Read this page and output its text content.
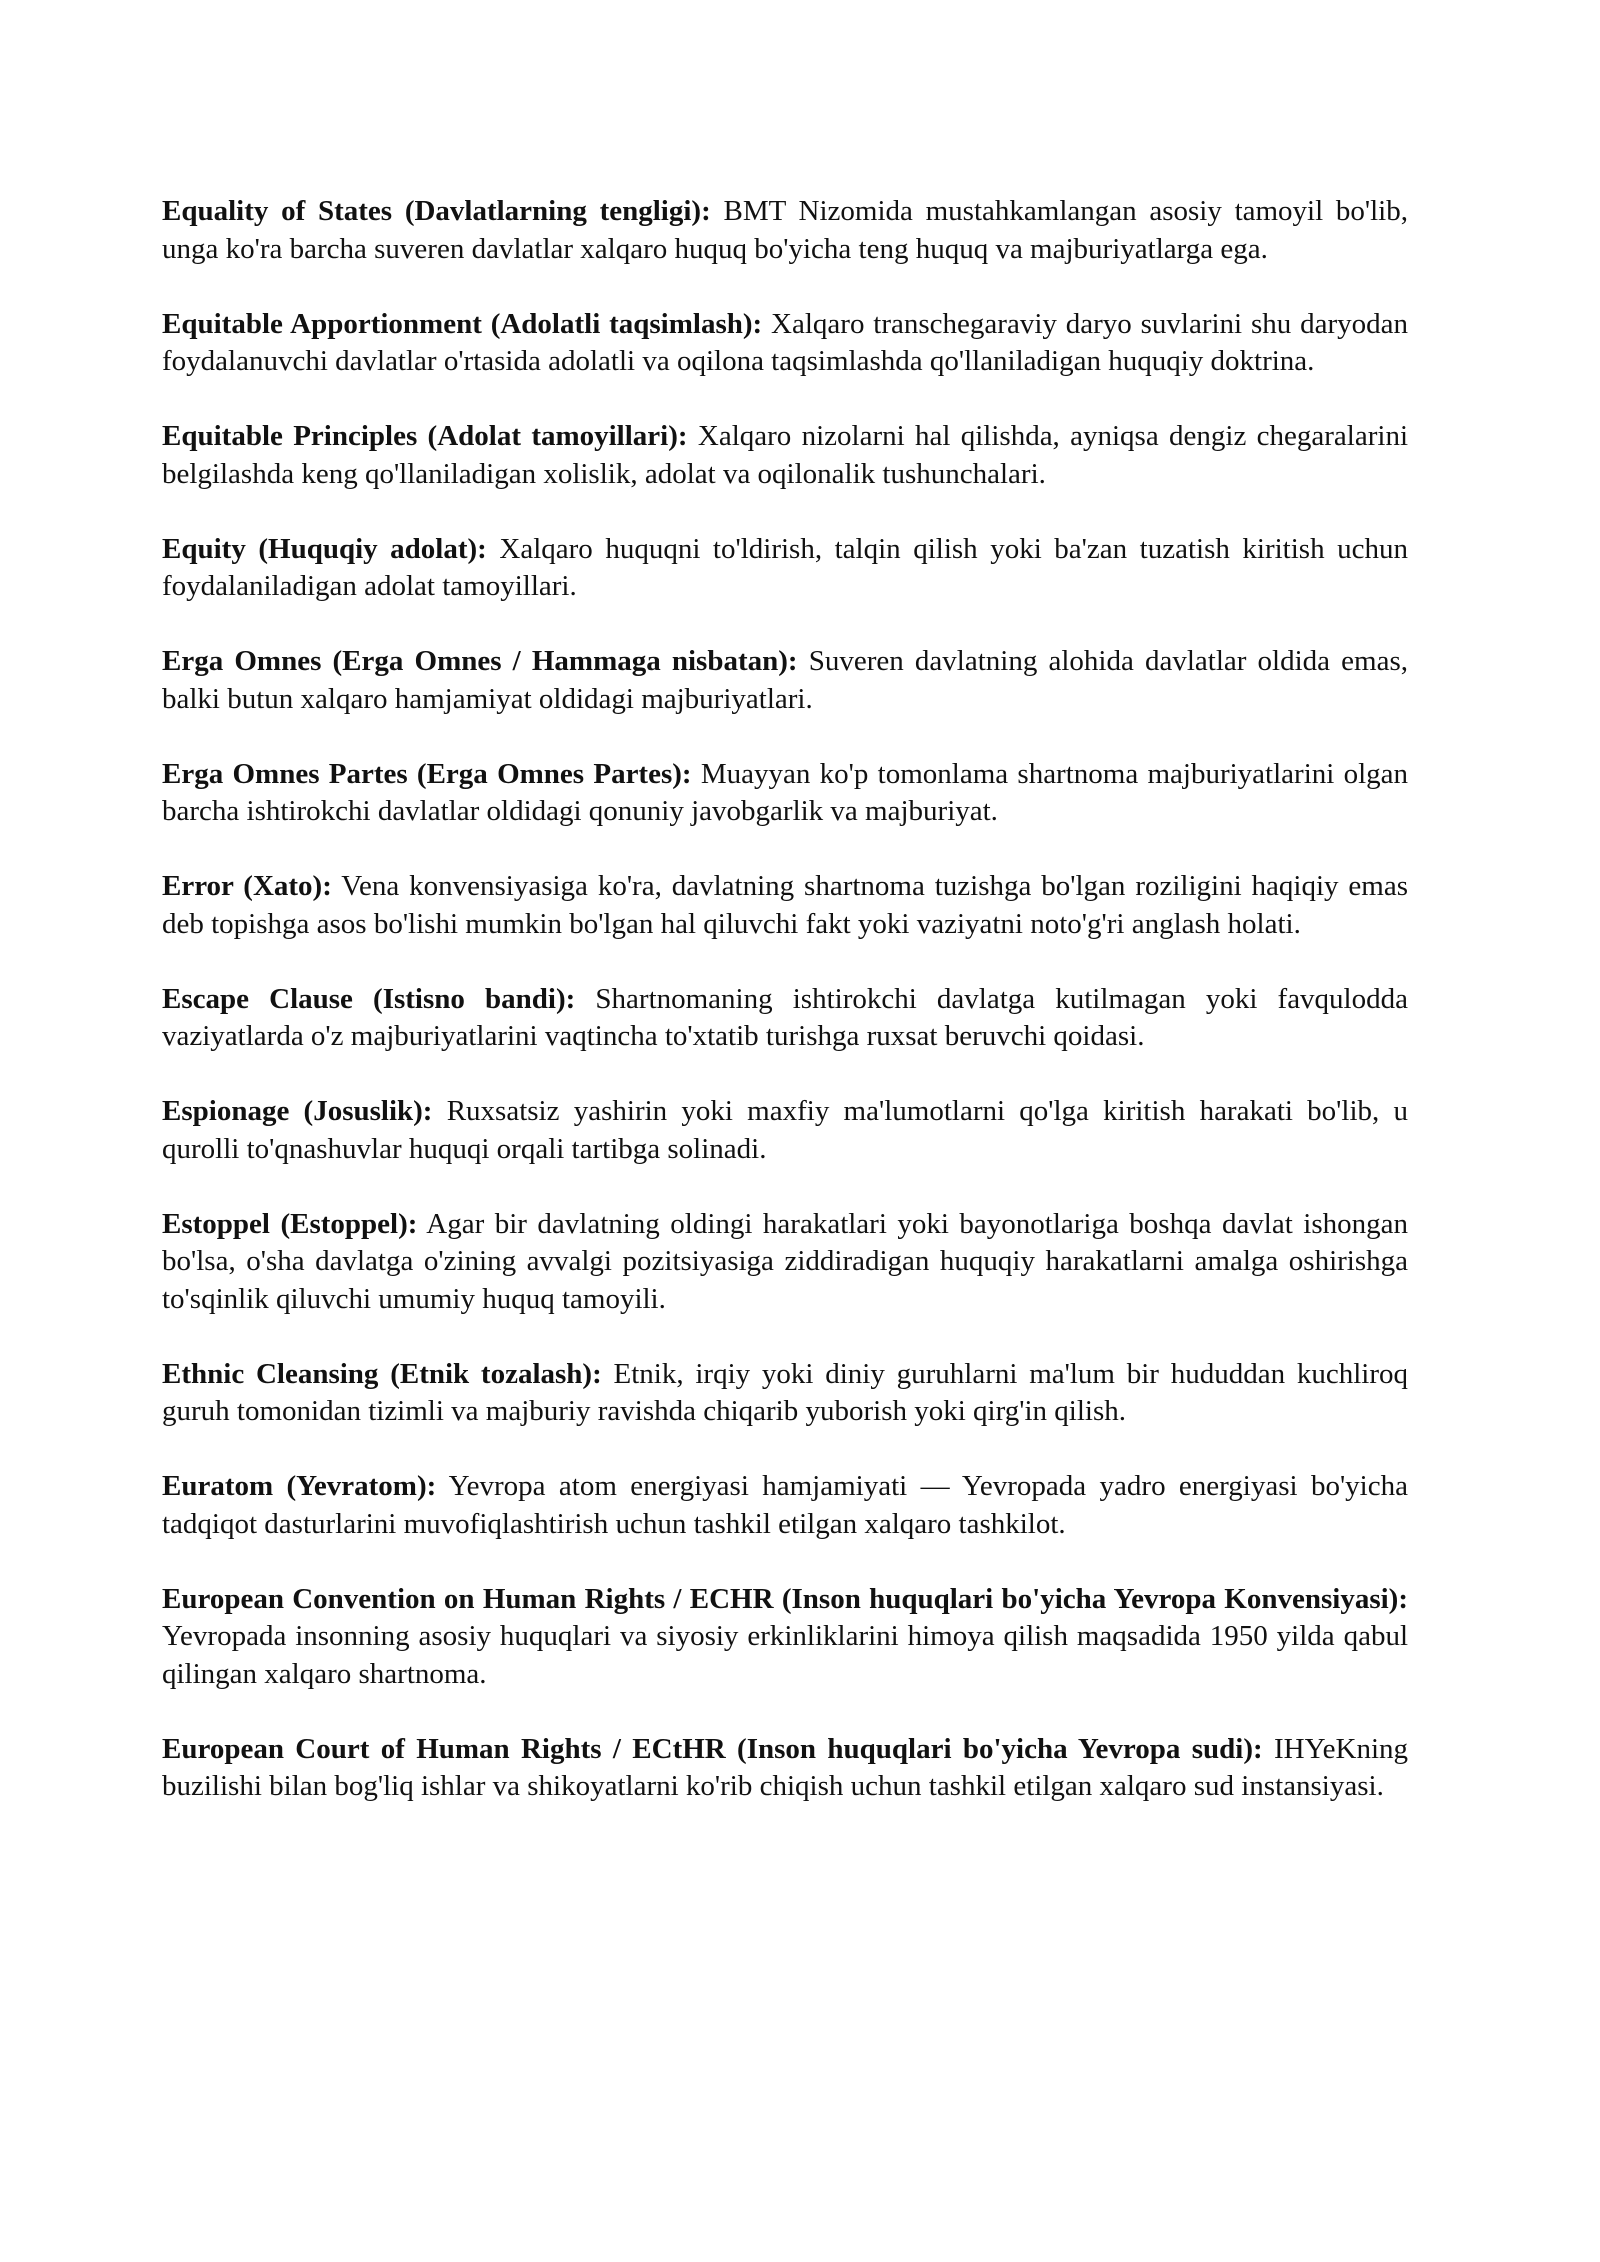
Equality of States (Davlatlarning tengligi): BMT Nizomida mustahkamlangan asosiy tamoyil bo'lib, unga ko'ra barcha suveren davlatlar xalqaro huquq bo'yicha teng huquq va majburiyatlarga ega.

Equitable Apportionment (Adolatli taqsimlash): Xalqaro transchegaraviy daryo suvlarini shu daryodan foydalanuvchi davlatlar o'rtasida adolatli va oqilona taqsimlashda qo'llaniladigan huquqiy doktrina.

Equitable Principles (Adolat tamoyillari): Xalqaro nizolarni hal qilishda, ayniqsa dengiz chegaralarini belgilashda keng qo'llaniladigan xolislik, adolat va oqilonalik tushunchalari.

Equity (Huquqiy adolat): Xalqaro huquqni to'ldirish, talqin qilish yoki ba'zan tuzatish kiritish uchun foydalaniladigan adolat tamoyillari.

Erga Omnes (Erga Omnes / Hammaga nisbatan): Suveren davlatning alohida davlatlar oldida emas, balki butun xalqaro hamjamiyat oldidagi majburiyatlari.

Erga Omnes Partes (Erga Omnes Partes): Muayyan ko'p tomonlama shartnoma majburiyatlarini olgan barcha ishtirokchi davlatlar oldidagi qonuniy javobgarlik va majburiyat.

Error (Xato): Vena konvensiyasiga ko'ra, davlatning shartnoma tuzishga bo'lgan roziligini haqiqiy emas deb topishga asos bo'lishi mumkin bo'lgan hal qiluvchi fakt yoki vaziyatni noto'g'ri anglash holati.

Escape Clause (Istisno bandi): Shartnomaning ishtirokchi davlatga kutilmagan yoki favqulodda vaziyatlarda o'z majburiyatlarini vaqtincha to'xtatib turishga ruxsat beruvchi qoidasi.

Espionage (Josuslik): Ruxsatsiz yashirin yoki maxfiy ma'lumotlarni qo'lga kiritish harakati bo'lib, u qurolli to'qnashuvlar huquqi orqali tartibga solinadi.

Estoppel (Estoppel): Agar bir davlatning oldingi harakatlari yoki bayonotlariga boshqa davlat ishongan bo'lsa, o'sha davlatga o'zining avvalgi pozitsiyasiga ziddiradigan huquqiy harakatlarni amalga oshirishga to'sqinlik qiluvchi umumiy huquq tamoyili.

Ethnic Cleansing (Etnik tozalash): Etnik, irqiy yoki diniy guruhlarni ma'lum bir hududdan kuchliroq guruh tomonidan tizimli va majburiy ravishda chiqarib yuborish yoki qirg'in qilish.

Euratom (Yevratom): Yevropa atom energiyasi hamjamiyati — Yevropada yadro energiyasi bo'yicha tadqiqot dasturlarini muvofiqlashtirish uchun tashkil etilgan xalqaro tashkilot.

European Convention on Human Rights / ECHR (Inson huquqlari bo'yicha Yevropa Konvensiyasi): Yevropada insonning asosiy huquqlari va siyosiy erkinliklarini himoya qilish maqsadida 1950 yilda qabul qilingan xalqaro shartnoma.

European Court of Human Rights / ECtHR (Inson huquqlari bo'yicha Yevropa sudi): IHYeKning buzilishi bilan bog'liq ishlar va shikoyatlarni ko'rib chiqish uchun tashkil etilgan xalqaro sud instansiyasi.
